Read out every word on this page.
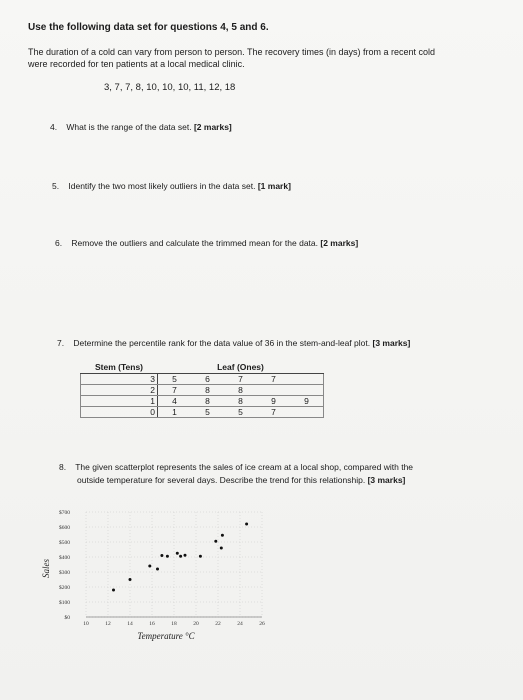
Use the following data set for questions 4, 5 and 6.
The duration of a cold can vary from person to person. The recovery times (in days) from a recent cold
were recorded for ten patients at a local medical clinic.
3, 7, 7, 8, 10, 10, 10, 11, 12, 18
4. What is the range of the data set. [2 marks]
5. Identify the two most likely outliers in the data set. [1 mark]
6. Remove the outliers and calculate the trimmed mean for the data. [2 marks]
7. Determine the percentile rank for the data value of 36 in the stem-and-leaf plot. [3 marks]
Stem (Tens)	Leaf (Ones)				
3	5	6	7	7	
2	7	8	8		
1	4	8	8	9	9
0	1	5	5	7	
8. The given scatterplot represents the sales of ice cream at a local shop, compared with the
outside temperature for several days. Describe the trend for this relationship. [3 marks]
$0
$100
$200
$300
$400
$500
$600
$700
10	12	14	16	18	20	22	24	26
Temperature °C
Sales
